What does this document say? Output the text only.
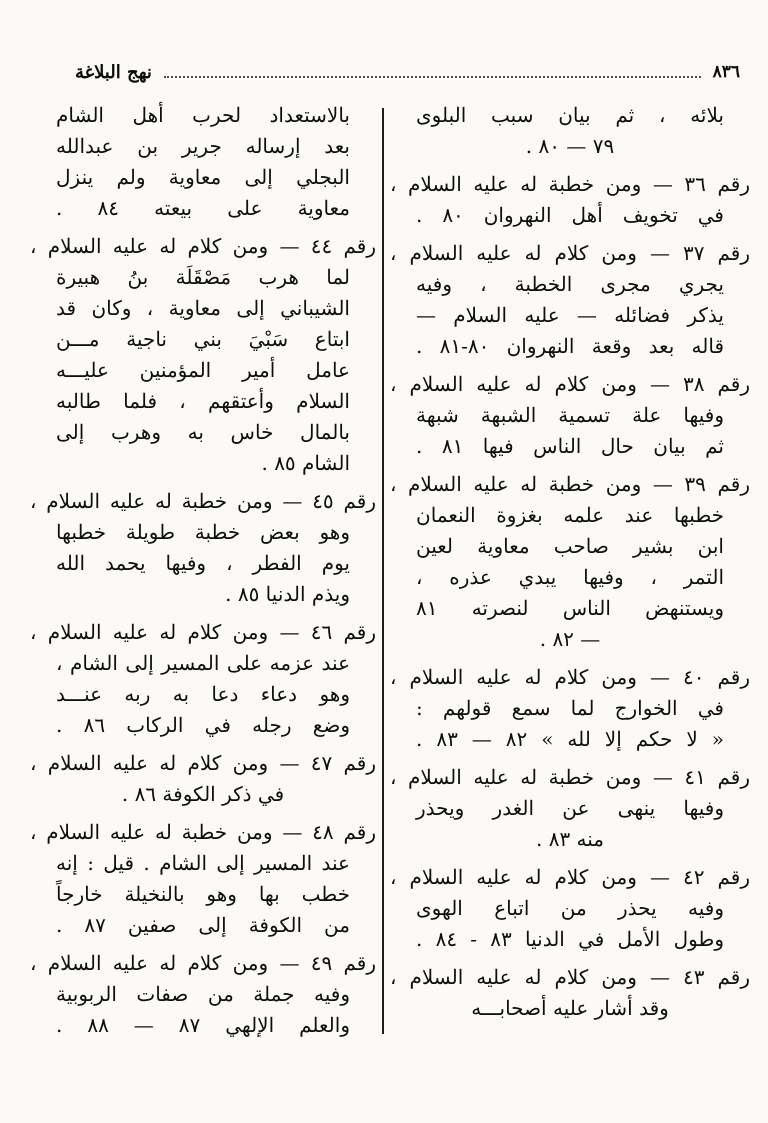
نهج البلاغة	٨٣٦
بالاستعداد لحرب أهل الشام
بعد إرساله جرير بن عبدالله
البجلي إلى معاوية ولم ينزل
معاوية على بيعته ٨٤ .
رقم ٤٤ — ومن كلام له عليه السلام ،
لما هرب مَصْقَلَة بنُ هبيرة
الشيباني إلى معاوية ، وكان قد
ابتاع سَبْيَ بني ناجية مـــن
عامل أمير المؤمنين عليـــه
السلام وأعتقهم ، فلما طالبه
بالمال خاس به وهرب إلى
الشام ٨٥ .
رقم ٤٥ — ومن خطبة له عليه السلام ،
وهو بعض خطبة طويلة خطبها
يوم الفطر ، وفيها يحمد الله
ويذم الدنيا ٨٥ .
رقم ٤٦ — ومن كلام له عليه السلام ،
عند عزمه على المسير إلى الشام ،
وهو دعاء دعا به ربه عنـــد
وضع رجله في الركاب ٨٦ .
رقم ٤٧ — ومن كلام له عليه السلام ،
في ذكر الكوفة ٨٦ .
رقم ٤٨ — ومن خطبة له عليه السلام ،
عند المسير إلى الشام . قيل : إنه
خطب بها وهو بالنخيلة خارجاً
من الكوفة إلى صفين ٨٧ .
رقم ٤٩ — ومن كلام له عليه السلام ،
وفيه جملة من صفات الربوبية
والعلم الإلهي ٨٧ — ٨٨ .
بلائه ، ثم بيان سبب البلوى
٧٩ — ٨٠ .
رقم ٣٦ — ومن خطبة له عليه السلام ،
في تخويف أهل النهروان ٨٠ .
رقم ٣٧ — ومن كلام له عليه السلام ،
يجري مجرى الخطبة ، وفيه
يذكر فضائله — عليه السلام —
قاله بعد وقعة النهروان ٨٠-٨١ .
رقم ٣٨ — ومن كلام له عليه السلام ،
وفيها علة تسمية الشبهة شبهة
ثم بيان حال الناس فيها ٨١ .
رقم ٣٩ — ومن خطبة له عليه السلام ،
خطبها عند علمه بغزوة النعمان
ابن بشير صاحب معاوية لعين
التمر ، وفيها يبدي عذره ،
ويستنهض الناس لنصرته ٨١
— ٨٢ .
رقم ٤٠ — ومن كلام له عليه السلام ،
في الخوارج لما سمع قولهم :
« لا حكم إلا لله » ٨٢ — ٨٣ .
رقم ٤١ — ومن خطبة له عليه السلام ،
وفيها ينهى عن الغدر ويحذر
منه ٨٣ .
رقم ٤٢ — ومن كلام له عليه السلام ،
وفيه يحذر من اتباع الهوى
وطول الأمل في الدنيا ٨٣ - ٨٤ .
رقم ٤٣ — ومن كلام له عليه السلام ،
وقد أشار عليه أصحابـــه
